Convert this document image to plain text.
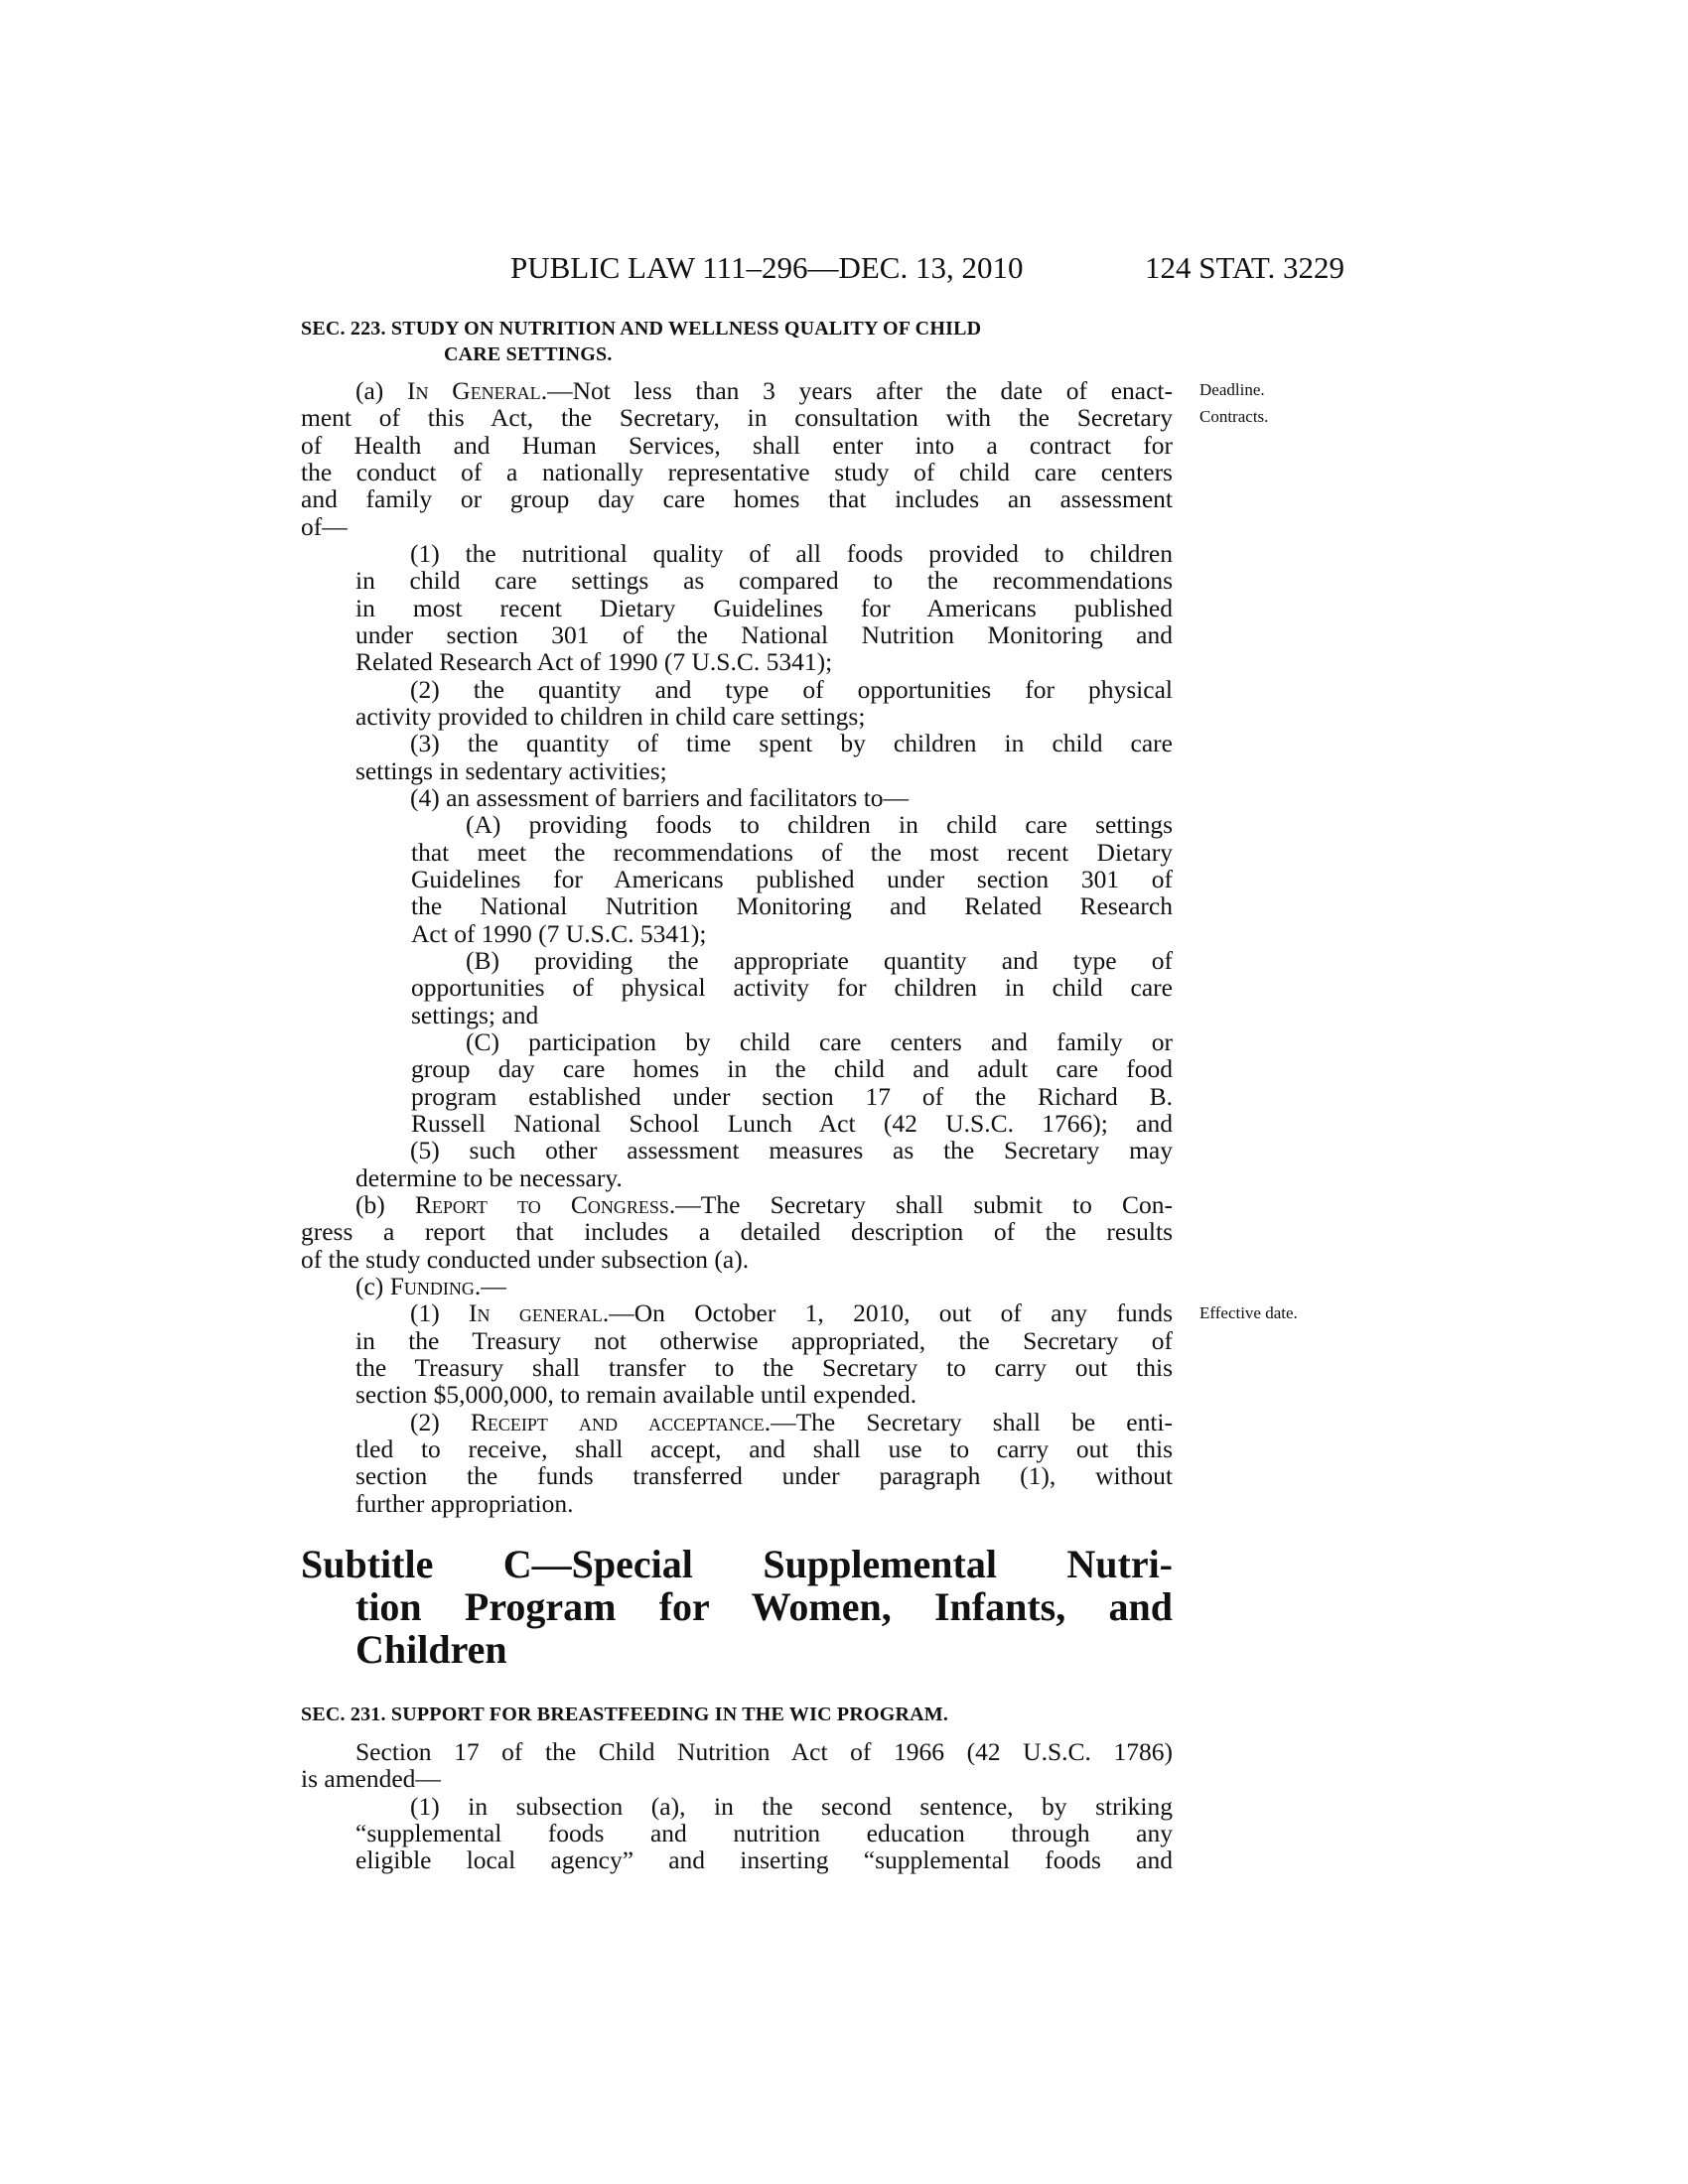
PUBLIC LAW 111–296—DEC. 13, 2010	124 STAT. 3229
SEC. 223. STUDY ON NUTRITION AND WELLNESS QUALITY OF CHILD
CARE SETTINGS.
(a) In General.—Not less than 3 years after the date of enact-
ment of this Act, the Secretary, in consultation with the Secretary
of Health and Human Services, shall enter into a contract for
the conduct of a nationally representative study of child care centers
and family or group day care homes that includes an assessment
of—
(1) the nutritional quality of all foods provided to children
in child care settings as compared to the recommendations
in most recent Dietary Guidelines for Americans published
under section 301 of the National Nutrition Monitoring and
Related Research Act of 1990 (7 U.S.C. 5341);
(2) the quantity and type of opportunities for physical
activity provided to children in child care settings;
(3) the quantity of time spent by children in child care
settings in sedentary activities;
(4) an assessment of barriers and facilitators to—
(A) providing foods to children in child care settings
that meet the recommendations of the most recent Dietary
Guidelines for Americans published under section 301 of
the National Nutrition Monitoring and Related Research
Act of 1990 (7 U.S.C. 5341);
(B) providing the appropriate quantity and type of
opportunities of physical activity for children in child care
settings; and
(C) participation by child care centers and family or
group day care homes in the child and adult care food
program established under section 17 of the Richard B.
Russell National School Lunch Act (42 U.S.C. 1766); and
(5) such other assessment measures as the Secretary may
determine to be necessary.
(b) Report to Congress.—The Secretary shall submit to Con-
gress a report that includes a detailed description of the results
of the study conducted under subsection (a).
(c) Funding.—
(1) In general.—On October 1, 2010, out of any funds
in the Treasury not otherwise appropriated, the Secretary of
the Treasury shall transfer to the Secretary to carry out this
section $5,000,000, to remain available until expended.
(2) Receipt and acceptance.—The Secretary shall be enti-
tled to receive, shall accept, and shall use to carry out this
section the funds transferred under paragraph (1), without
further appropriation.
Deadline.
Contracts.
Effective date.
Subtitle C—Special Supplemental Nutri-
tion Program for Women, Infants, and
Children
SEC. 231. SUPPORT FOR BREASTFEEDING IN THE WIC PROGRAM.
Section 17 of the Child Nutrition Act of 1966 (42 U.S.C. 1786)
is amended—
(1) in subsection (a), in the second sentence, by striking
“supplemental foods and nutrition education through any
eligible local agency” and inserting “supplemental foods and
